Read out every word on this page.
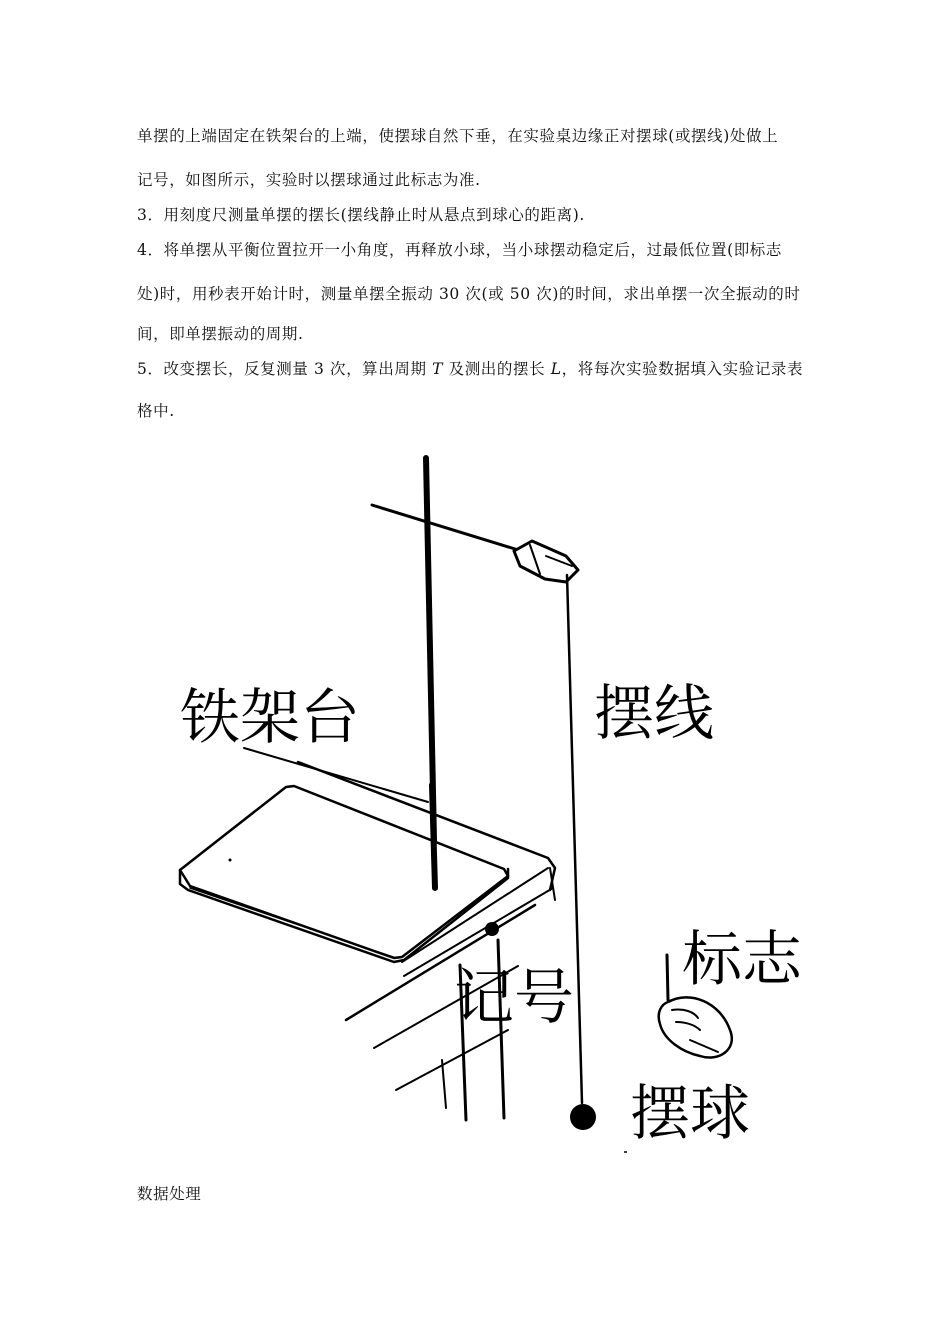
单摆的上端固定在铁架台的上端，使摆球自然下垂，在实验桌边缘正对摆球(或摆线)处做上

记号，如图所示，实验时以摆球通过此标志为准.

3．用刻度尺测量单摆的摆长(摆线静止时从悬点到球心的距离).

4．将单摆从平衡位置拉开一小角度，再释放小球，当小球摆动稳定后，过最低位置(即标志

处)时，用秒表开始计时，测量单摆全振动 30 次(或 50 次)的时间，求出单摆一次全振动的时

间，即单摆振动的周期.

5．改变摆长，反复测量 3 次，算出周期 T 及测出的摆长 L，将每次实验数据填入实验记录表

格中.

铁架台	摆线
标志
记号
摆球

数据处理
